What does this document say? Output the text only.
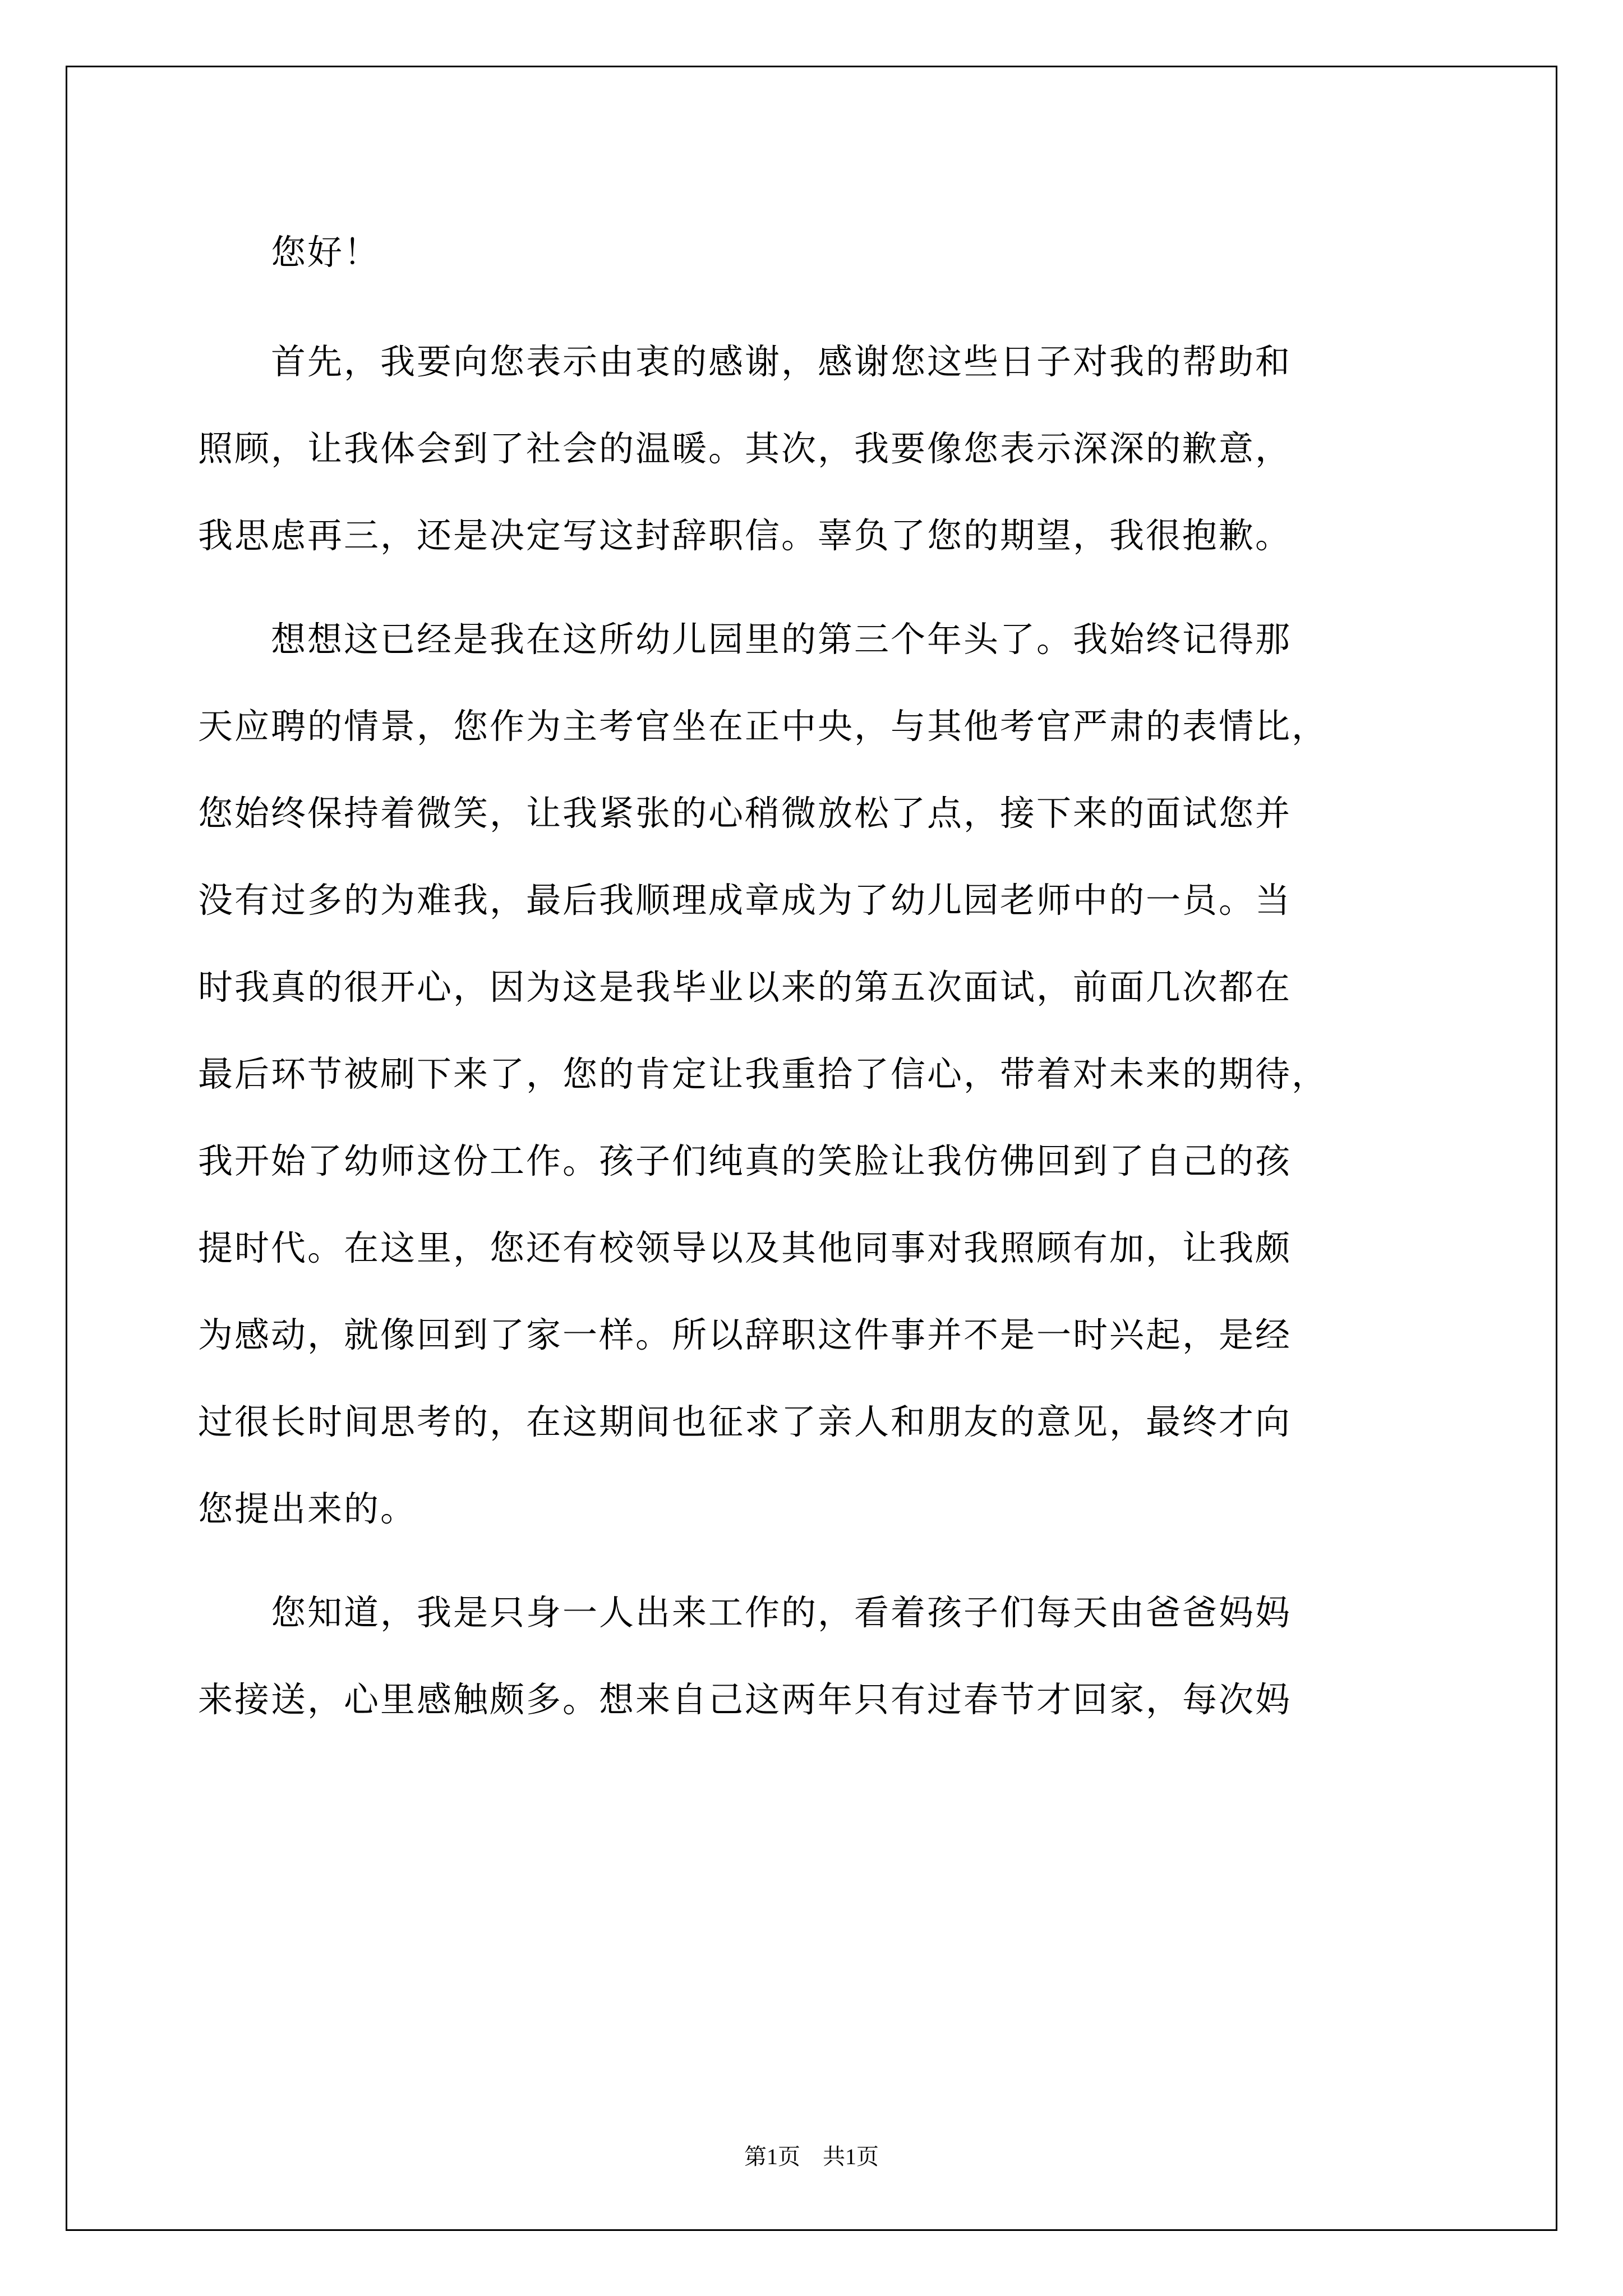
　　您好！
　　首先，我要向您表示由衷的感谢，感谢您这些日子对我的帮助和
照顾，让我体会到了社会的温暖。其次，我要像您表示深深的歉意，
我思虑再三，还是决定写这封辞职信。辜负了您的期望，我很抱歉。
　　想想这已经是我在这所幼儿园里的第三个年头了。我始终记得那
天应聘的情景，您作为主考官坐在正中央，与其他考官严肃的表情比，
您始终保持着微笑，让我紧张的心稍微放松了点，接下来的面试您并
没有过多的为难我，最后我顺理成章成为了幼儿园老师中的一员。当
时我真的很开心，因为这是我毕业以来的第五次面试，前面几次都在
最后环节被刷下来了，您的肯定让我重拾了信心，带着对未来的期待，
我开始了幼师这份工作。孩子们纯真的笑脸让我仿佛回到了自己的孩
提时代。在这里，您还有校领导以及其他同事对我照顾有加，让我颇
为感动，就像回到了家一样。所以辞职这件事并不是一时兴起，是经
过很长时间思考的，在这期间也征求了亲人和朋友的意见，最终才向
您提出来的。
　　您知道，我是只身一人出来工作的，看着孩子们每天由爸爸妈妈
来接送，心里感触颇多。想来自己这两年只有过春节才回家，每次妈
第1页　共1页
